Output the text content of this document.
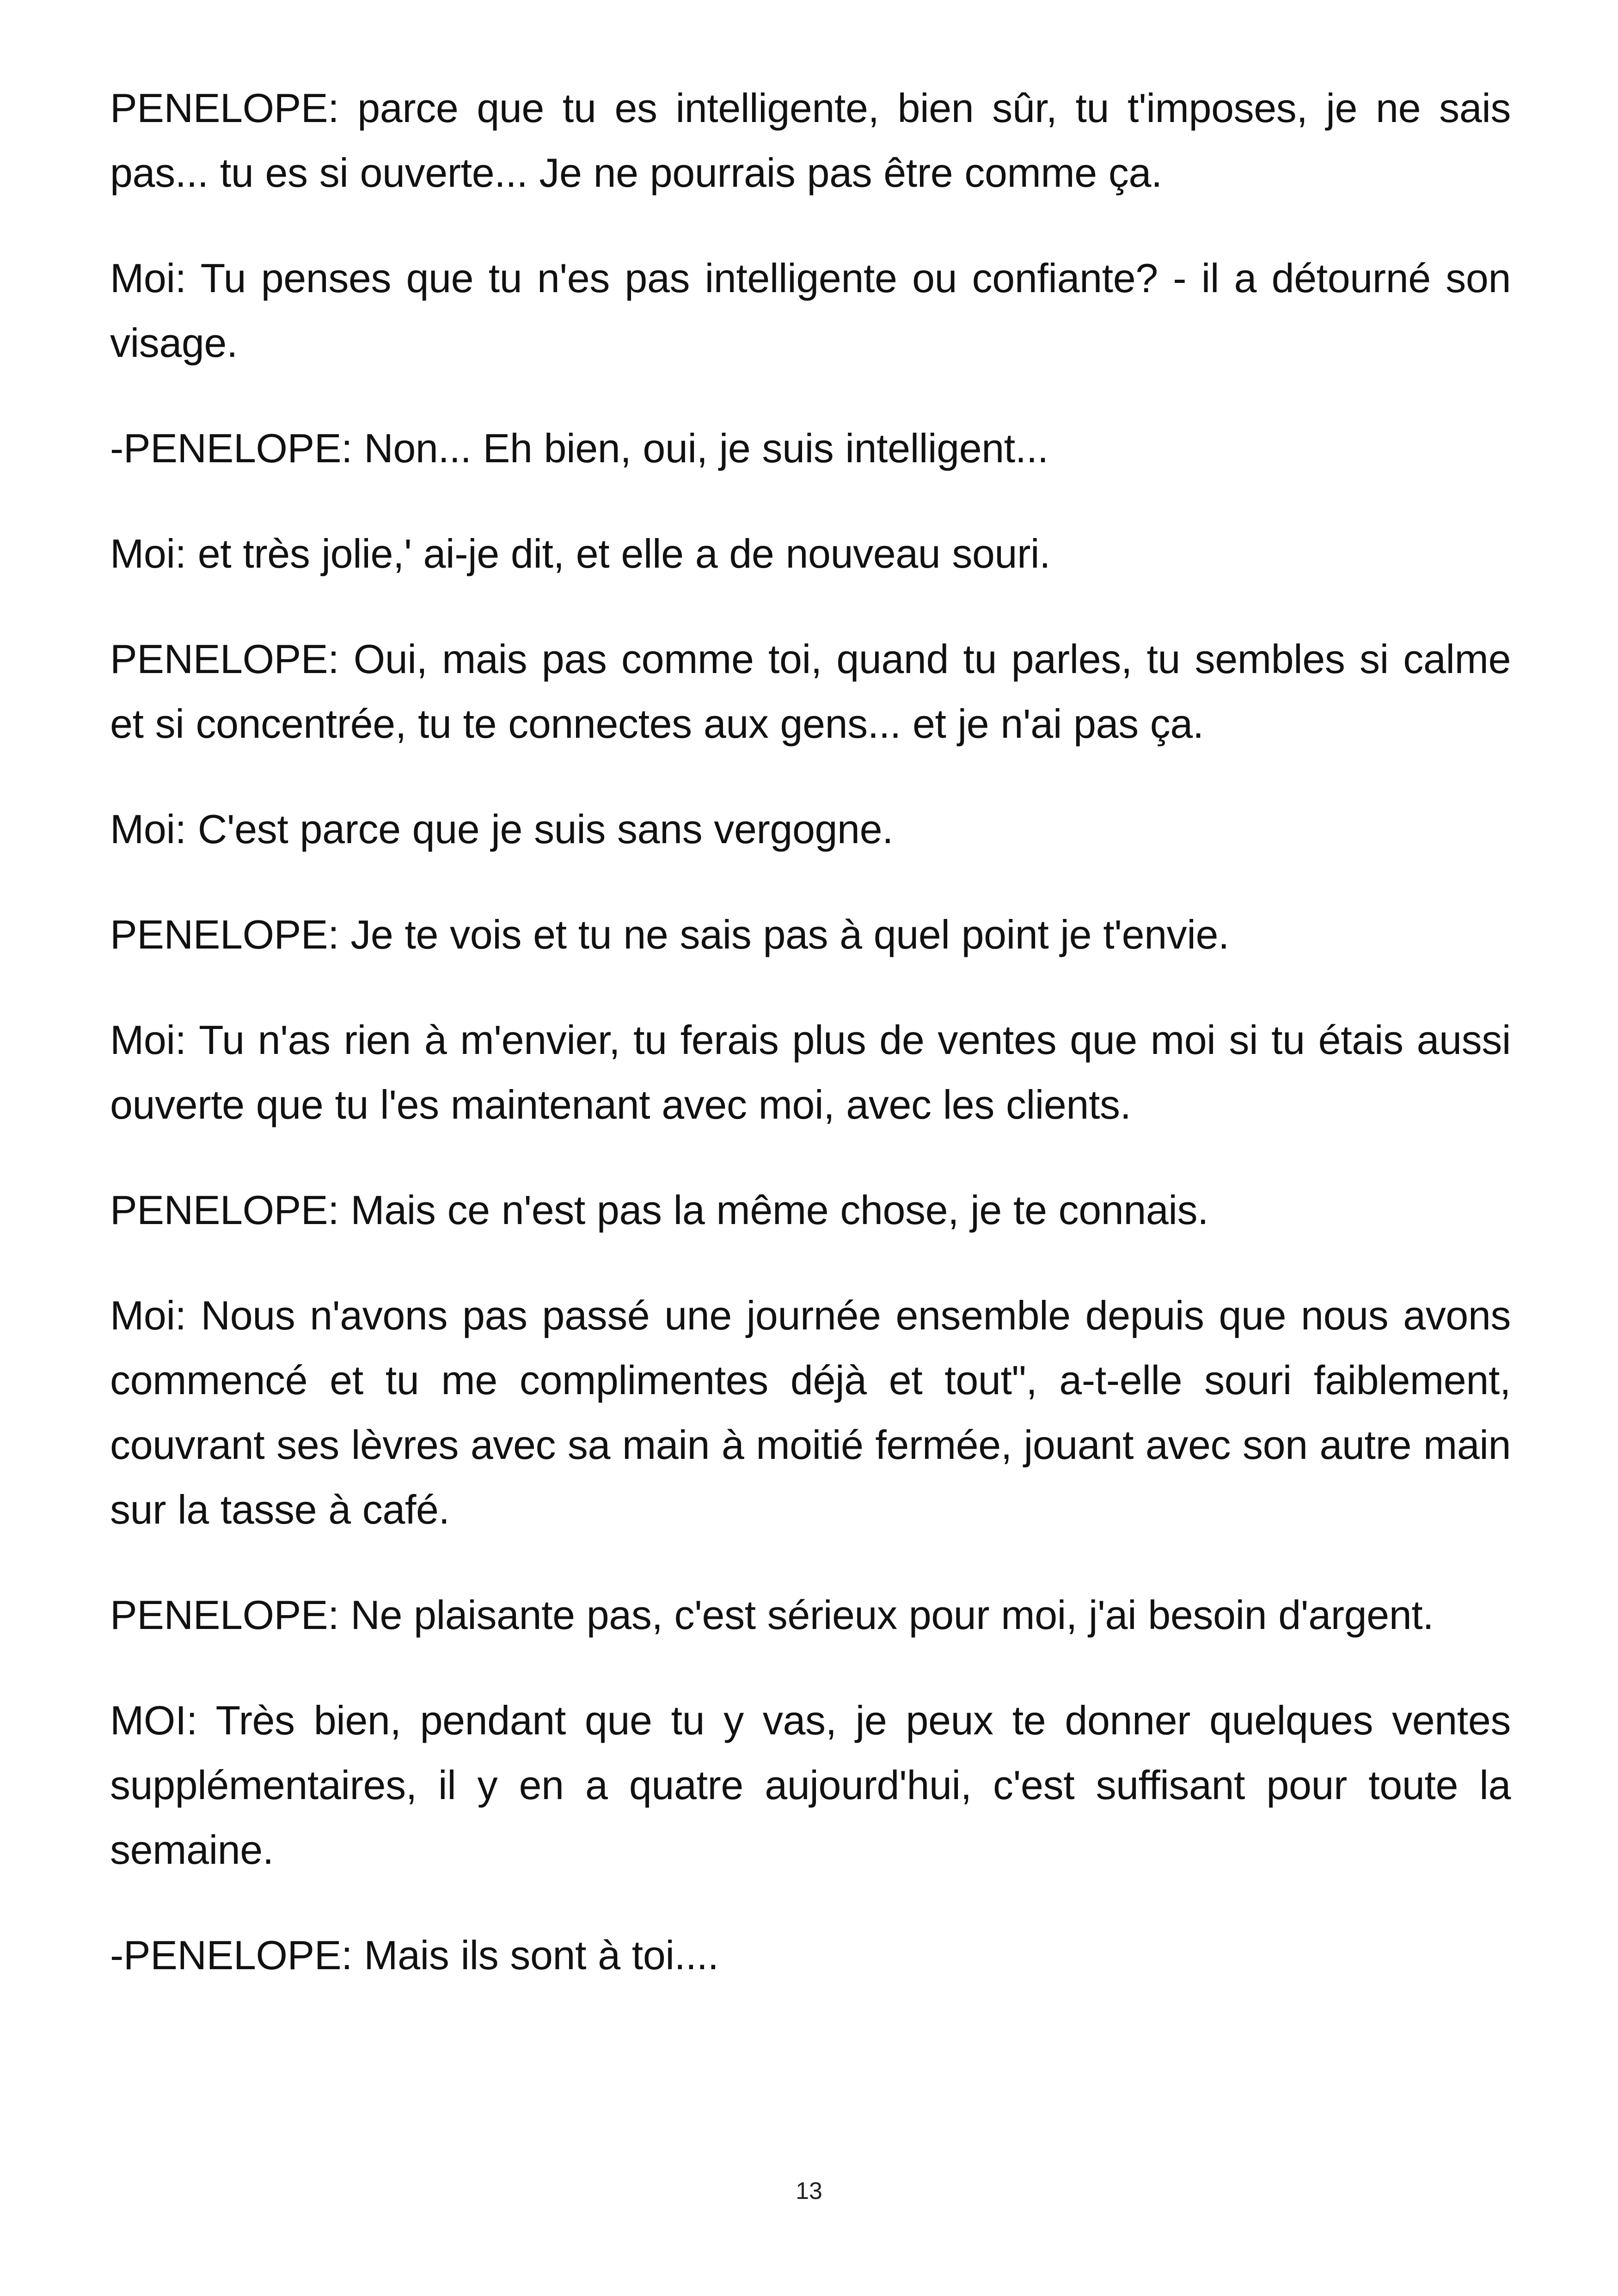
PENELOPE: parce que tu es intelligente, bien sûr, tu t'imposes, je ne sais pas... tu es si ouverte... Je ne pourrais pas être comme ça.

Moi: Tu penses que tu n'es pas intelligente ou confiante? - il a détourné son visage.

-PENELOPE: Non... Eh bien, oui, je suis intelligent...

Moi: et très jolie,' ai-je dit, et elle a de nouveau souri.

PENELOPE: Oui, mais pas comme toi, quand tu parles, tu sembles si calme et si concentrée, tu te connectes aux gens... et je n'ai pas ça.

Moi: C'est parce que je suis sans vergogne.

PENELOPE: Je te vois et tu ne sais pas à quel point je t'envie.

Moi: Tu n'as rien à m'envier, tu ferais plus de ventes que moi si tu étais aussi ouverte que tu l'es maintenant avec moi, avec les clients.

PENELOPE: Mais ce n'est pas la même chose, je te connais.

Moi: Nous n'avons pas passé une journée ensemble depuis que nous avons commencé et tu me complimentes déjà et tout", a-t-elle souri faiblement, couvrant ses lèvres avec sa main à moitié fermée, jouant avec son autre main sur la tasse à café.

PENELOPE: Ne plaisante pas, c'est sérieux pour moi, j'ai besoin d'argent.

MOI: Très bien, pendant que tu y vas, je peux te donner quelques ventes supplémentaires, il y en a quatre aujourd'hui, c'est suffisant pour toute la semaine.

-PENELOPE: Mais ils sont à toi....

13
